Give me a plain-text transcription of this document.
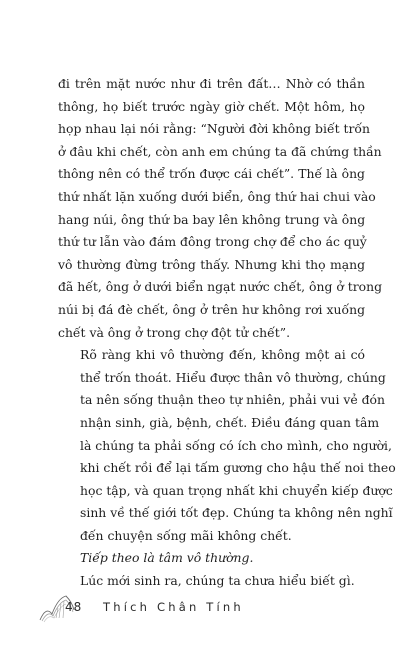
đi trên mặt nước như đi trên đất… Nhờ có thần
thông, họ biết trước ngày giờ chết. Một hôm, họ
họp nhau lại nói rằng: “Người đời không biết trốn
ở đâu khi chết, còn anh em chúng ta đã chứng thần
thông nên có thể trốn được cái chết”. Thế là ông
thứ nhất lặn xuống dưới biển, ông thứ hai chui vào
hang núi, ông thứ ba bay lên không trung và ông
thứ tư lẫn vào đám đông trong chợ để cho ác quỷ
vô thường đừng trông thấy. Nhưng khi thọ mạng
đã hết, ông ở dưới biển ngạt nước chết, ông ở trong
núi bị đá đè chết, ông ở trên hư không rơi xuống
chết và ông ở trong chợ đột tử chết”.

Rõ ràng khi vô thường đến, không một ai có
thể trốn thoát. Hiểu được thân vô thường, chúng
ta nên sống thuận theo tự nhiên, phải vui vẻ đón
nhận sinh, già, bệnh, chết. Điều đáng quan tâm
là chúng ta phải sống có ích cho mình, cho người,
khi chết rồi để lại tấm gương cho hậu thế noi theo
học tập, và quan trọng nhất khi chuyển kiếp được
sinh về thế giới tốt đẹp. Chúng ta không nên nghĩ
đến chuyện sống mãi không chết.

Tiếp theo là tâm vô thường.

Lúc mới sinh ra, chúng ta chưa hiểu biết gì.

48 Thích Chân Tính
